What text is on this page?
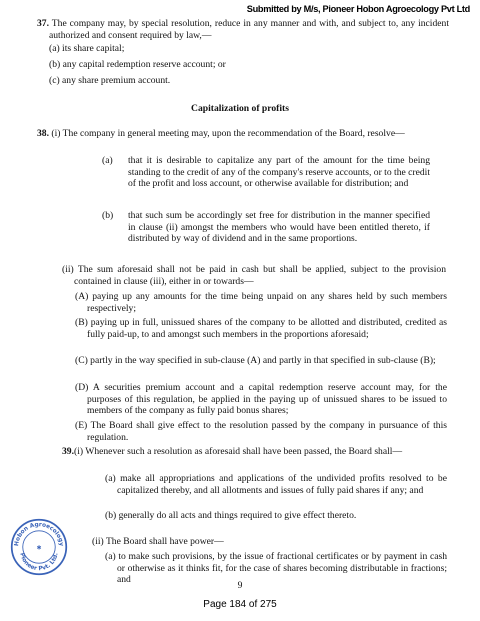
Submitted by M/s, Pioneer Hobon Agroecology Pvt Ltd

37. The company may, by special resolution, reduce in any manner and with, and subject to, any incident authorized and consent required by law,—

(a) its share capital;

(b) any capital redemption reserve account; or

(c) any share premium account.

Capitalization of profits

38. (i) The company in general meeting may, upon the recommendation of the Board, resolve—

(a) that it is desirable to capitalize any part of the amount for the time being standing to the credit of any of the company's reserve accounts, or to the credit of the profit and loss account, or otherwise available for distribution; and

(b) that such sum be accordingly set free for distribution in the manner specified in clause (ii) amongst the members who would have been entitled thereto, if distributed by way of dividend and in the same proportions.

(ii) The sum aforesaid shall not be paid in cash but shall be applied, subject to the provision contained in clause (iii), either in or towards—

(A) paying up any amounts for the time being unpaid on any shares held by such members respectively;

(B) paying up in full, unissued shares of the company to be allotted and distributed, credited as fully paid-up, to and amongst such members in the proportions aforesaid;

(C) partly in the way specified in sub-clause (A) and partly in that specified in sub-clause (B);

(D) A securities premium account and a capital redemption reserve account may, for the purposes of this regulation, be applied in the paying up of unissued shares to be issued to members of the company as fully paid bonus shares;

(E) The Board shall give effect to the resolution passed by the company in pursuance of this regulation.

39.(i) Whenever such a resolution as aforesaid shall have been passed, the Board shall—

(a) make all appropriations and applications of the undivided profits resolved to be capitalized thereby, and all allotments and issues of fully paid shares if any; and

(b) generally do all acts and things required to give effect thereto.

(ii) The Board shall have power—

(a) to make such provisions, by the issue of fractional certificates or by payment in cash or otherwise as it thinks fit, for the case of shares becoming distributable in fractions; and

Hobon Agroecology
Pioneer Pvt. Ltd.
✱
9
Page 184 of 275
